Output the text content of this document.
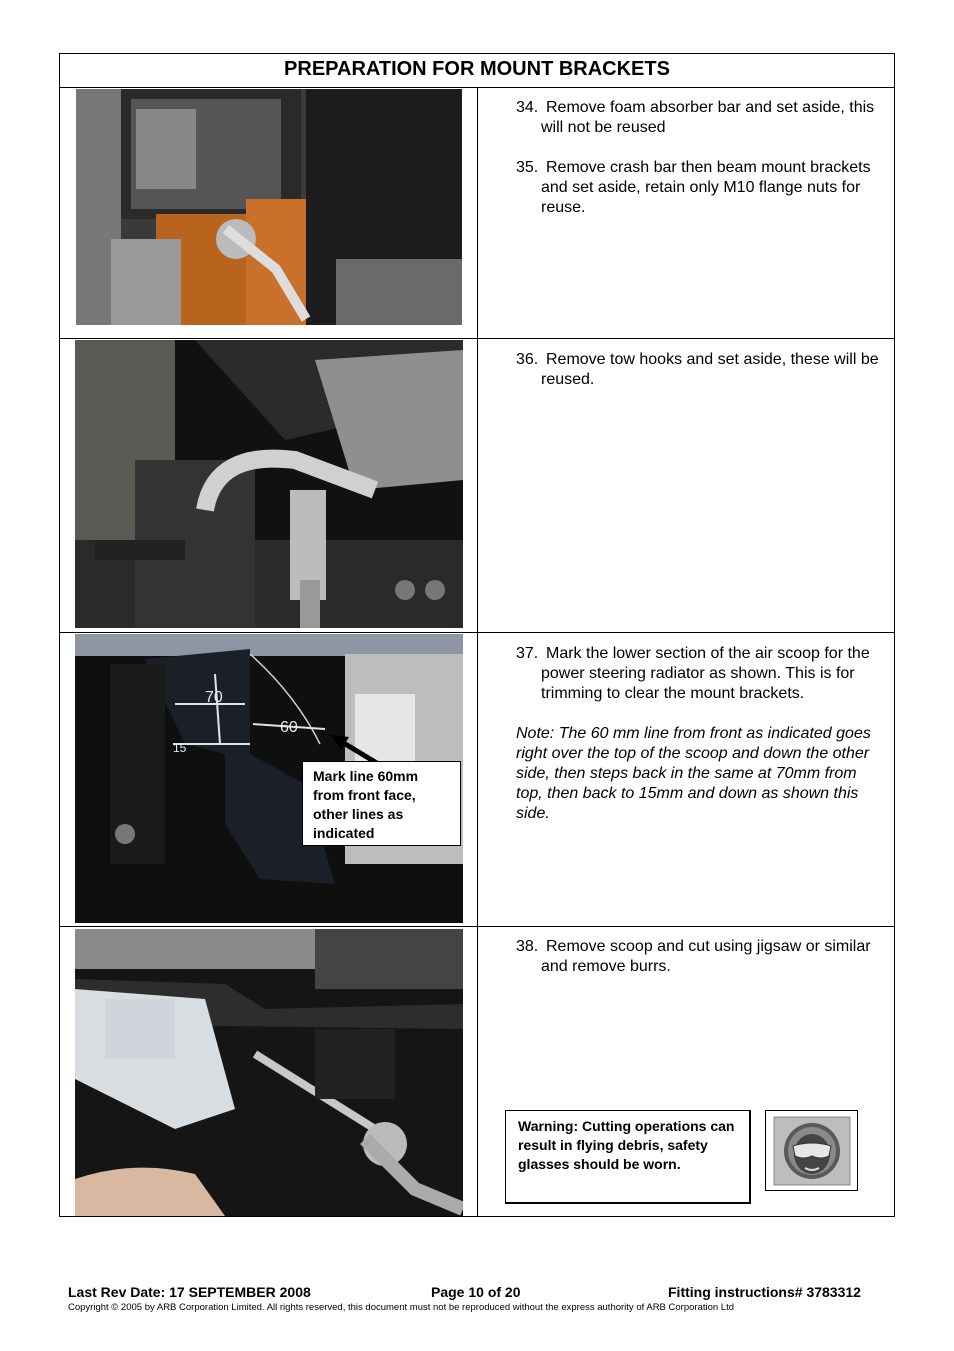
PREPARATION FOR MOUNT BRACKETS
34. Remove foam absorber bar and set aside, this will not be reused
35. Remove crash bar then beam mount brackets and set aside, retain only M10 flange nuts for reuse.
36. Remove tow hooks and set aside, these will be reused.
70
60
15
Mark line 60mm from front face, other lines as indicated
37. Mark the lower section of the air scoop for the power steering radiator as shown. This is for trimming to clear the mount brackets.
Note: The 60 mm line from front as indicated goes right over the top of the scoop and down the other side, then steps back in the same at 70mm from top, then back to 15mm and down as shown this side.
38. Remove scoop and cut using jigsaw or similar and remove burrs.
Warning: Cutting operations can result in flying debris, safety glasses should be worn.
Last Rev Date: 17 SEPTEMBER 2008	Page 10 of 20	Fitting instructions# 3783312
Copyright © 2005 by ARB Corporation Limited. All rights reserved, this document must not be reproduced without the express authority of ARB Corporation Ltd
